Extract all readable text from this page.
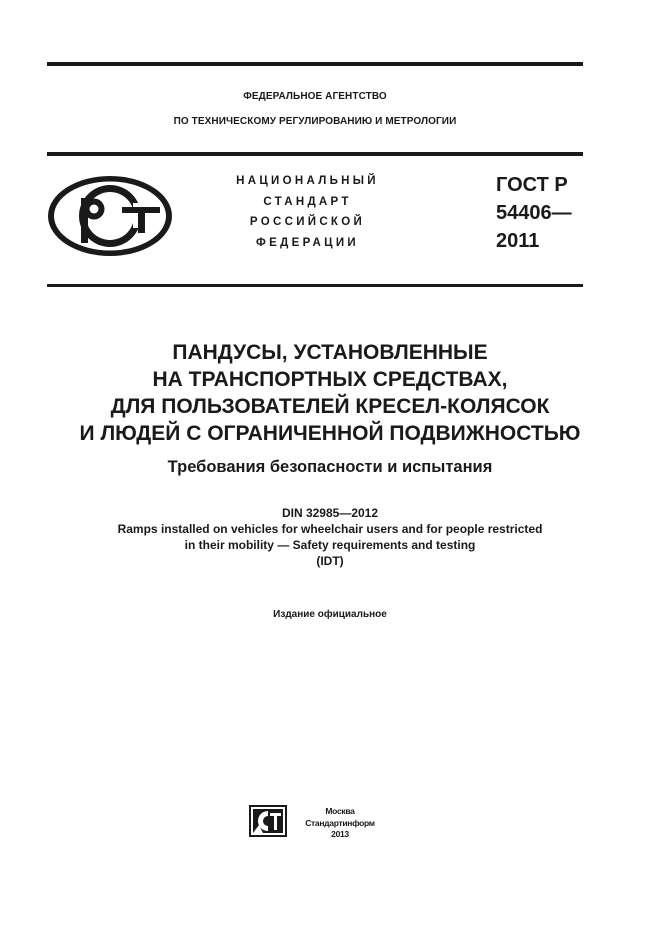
ФЕДЕРАЛЬНОЕ АГЕНТСТВО
ПО ТЕХНИЧЕСКОМУ РЕГУЛИРОВАНИЮ И МЕТРОЛОГИИ
НАЦИОНАЛЬНЫЙ
СТАНДАРТ
РОССИЙСКОЙ
ФЕДЕРАЦИИ
ГОСТ Р
54406—
2011
ПАНДУСЫ, УСТАНОВЛЕННЫЕ
НА ТРАНСПОРТНЫХ СРЕДСТВАХ,
ДЛЯ ПОЛЬЗОВАТЕЛЕЙ КРЕСЕЛ-КОЛЯСОК
И ЛЮДЕЙ С ОГРАНИЧЕННОЙ ПОДВИЖНОСТЬЮ
Требования безопасности и испытания
DIN 32985—2012
Ramps installed on vehicles for wheelchair users and for people restricted
in their mobility — Safety requirements and testing
(IDT)
Издание официальное
Москва
Стандартинформ
2013
